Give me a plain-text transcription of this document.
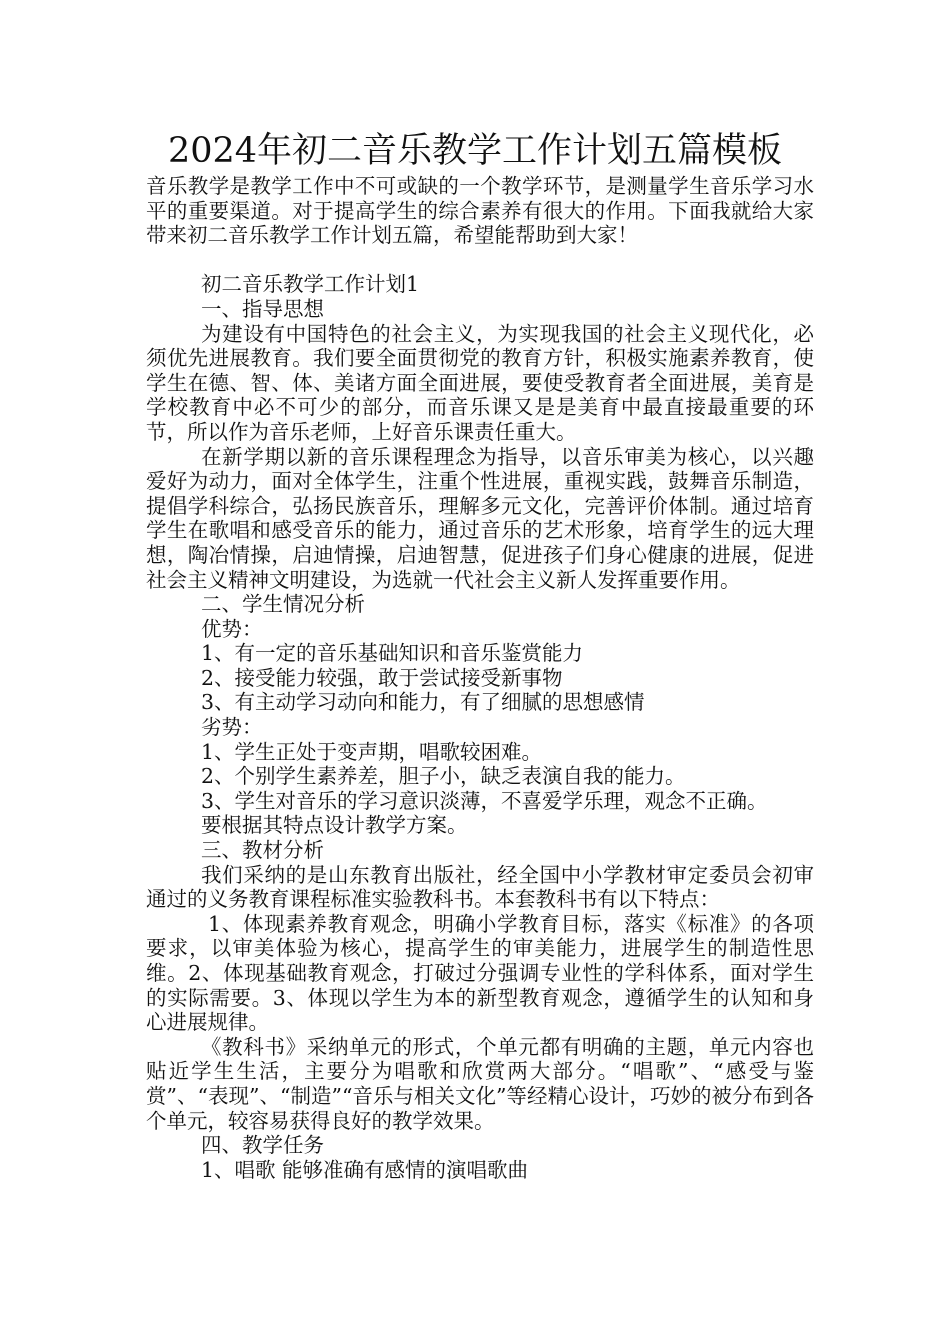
2024年初二音乐教学工作计划五篇模板

音乐教学是教学工作中不可或缺的一个教学环节，是测量学生音乐学习水平的重要渠道。对于提高学生的综合素养有很大的作用。下面我就给大家带来初二音乐教学工作计划五篇，希望能帮助到大家！

初二音乐教学工作计划1

一、指导思想

为建设有中国特色的社会主义，为实现我国的社会主义现代化，必须优先进展教育。我们要全面贯彻党的教育方针，积极实施素养教育，使学生在德、智、体、美诸方面全面进展，要使受教育者全面进展，美育是学校教育中必不可少的部分，而音乐课又是是美育中最直接最重要的环节，所以作为音乐老师，上好音乐课责任重大。

在新学期以新的音乐课程理念为指导，以音乐审美为核心，以兴趣爱好为动力，面对全体学生，注重个性进展，重视实践，鼓舞音乐制造，提倡学科综合，弘扬民族音乐，理解多元文化，完善评价体制。通过培育学生在歌唱和感受音乐的能力，通过音乐的艺术形象，培育学生的远大理想，陶冶情操，启迪情操，启迪智慧，促进孩子们身心健康的进展，促进社会主义精神文明建设，为选就一代社会主义新人发挥重要作用。

二、学生情况分析

优势：

1、有一定的音乐基础知识和音乐鉴赏能力

2、接受能力较强，敢于尝试接受新事物

3、有主动学习动向和能力，有了细腻的思想感情

劣势：

1、学生正处于变声期，唱歌较困难。

2、个别学生素养差，胆子小，缺乏表演自我的能力。

3、学生对音乐的学习意识淡薄，不喜爱学乐理，观念不正确。

要根据其特点设计教学方案。

三、教材分析

我们采纳的是山东教育出版社，经全国中小学教材审定委员会初审通过的义务教育课程标准实验教科书。本套教科书有以下特点：

1、体现素养教育观念，明确小学教育目标，落实《标准》的各项要求，以审美体验为核心，提高学生的审美能力，进展学生的制造性思维。2、体现基础教育观念，打破过分强调专业性的学科体系，面对学生的实际需要。3、体现以学生为本的新型教育观念，遵循学生的认知和身心进展规律。

《教科书》采纳单元的形式，个单元都有明确的主题，单元内容也贴近学生生活，主要分为唱歌和欣赏两大部分。“唱歌”、“感受与鉴赏”、“表现”、“制造”“音乐与相关文化”等经精心设计，巧妙的被分布到各个单元，较容易获得良好的教学效果。

四、教学任务

1、唱歌 能够准确有感情的演唱歌曲
